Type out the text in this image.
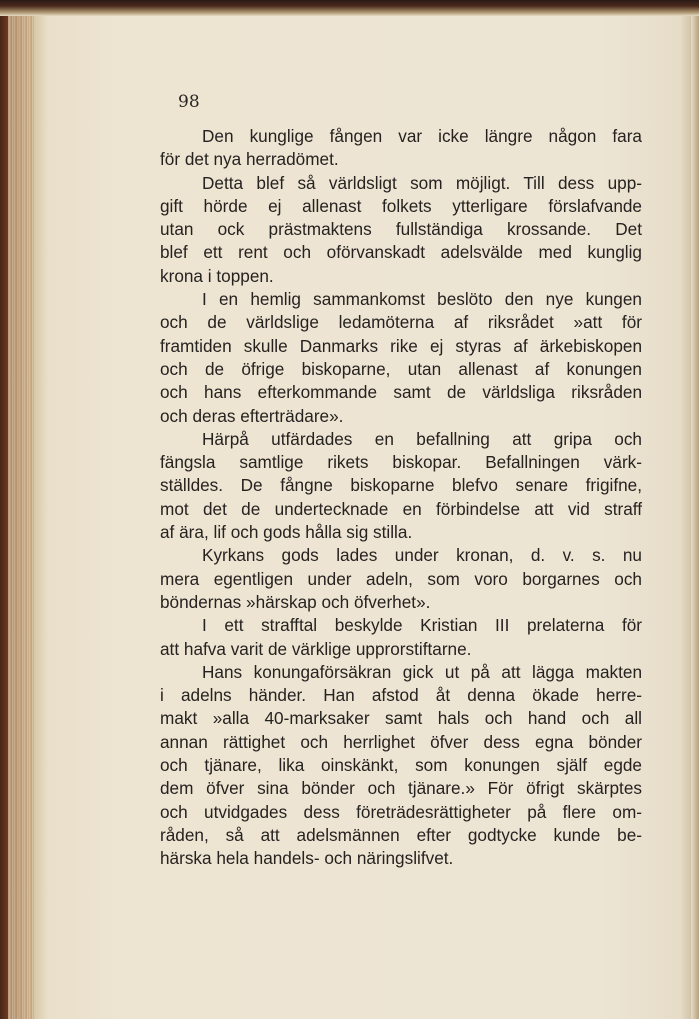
98
Den kunglige fången var icke längre någon fara
för det nya herradömet.
Detta blef så världsligt som möjligt. Till dess upp-
gift hörde ej allenast folkets ytterligare förslafvande
utan ock prästmaktens fullständiga krossande. Det
blef ett rent och oförvanskadt adelsvälde med kunglig
krona i toppen.
I en hemlig sammankomst beslöto den nye kungen
och de världslige ledamöterna af riksrådet »att för
framtiden skulle Danmarks rike ej styras af ärkebiskopen
och de öfrige biskoparne, utan allenast af konungen
och hans efterkommande samt de världsliga riksråden
och deras efterträdare».
Härpå utfärdades en befallning att gripa och
fängsla samtlige rikets biskopar. Befallningen värk-
ställdes. De fångne biskoparne blefvo senare frigifne,
mot det de undertecknade en förbindelse att vid straff
af ära, lif och gods hålla sig stilla.
Kyrkans gods lades under kronan, d. v. s. nu
mera egentligen under adeln, som voro borgarnes och
böndernas »härskap och öfverhet».
I ett strafftal beskylde Kristian III prelaterna för
att hafva varit de värklige upprorstiftarne.
Hans konungaförsäkran gick ut på att lägga makten
i adelns händer. Han afstod åt denna ökade herre-
makt »alla 40-marksaker samt hals och hand och all
annan rättighet och herrlighet öfver dess egna bönder
och tjänare, lika oinskänkt, som konungen själf egde
dem öfver sina bönder och tjänare.» För öfrigt skärptes
och utvidgades dess företrädesrättigheter på flere om-
råden, så att adelsmännen efter godtycke kunde be-
härska hela handels- och näringslifvet.
